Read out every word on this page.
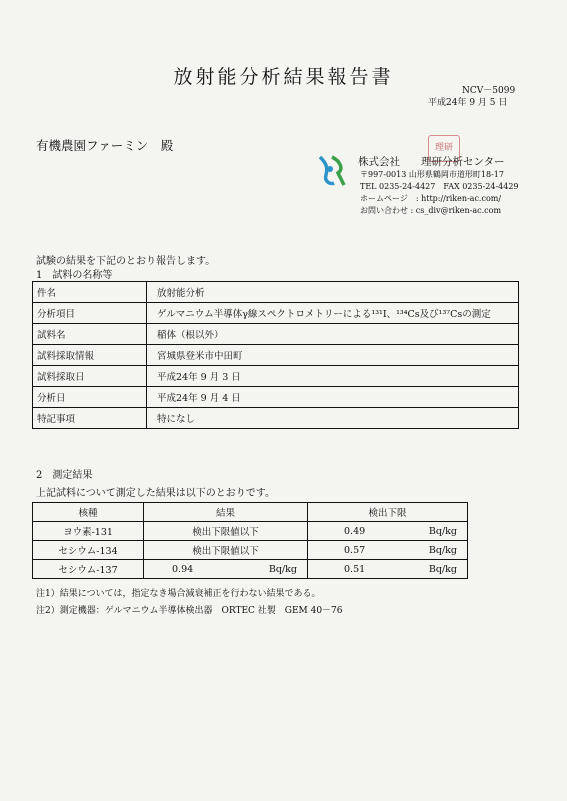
放射能分析結果報告書
NCV－5099
平成24年 9 月 5 日
有機農園ファーミン　殿	理研
株式会社　　理研分析センター
〒997-0013 山形県鶴岡市道形町18-17
TEL 0235-24-4427　FAX 0235-24-4429
ホームページ　: http://riken-ac.com/
お問い合わせ : cs_div@riken-ac.com
試験の結果を下記のとおり報告します。
1　試料の名称等
件名	放射能分析
分析項目	ゲルマニウム半導体γ線スペクトロメトリーによる¹³¹I、¹³⁴Cs及び¹³⁷Csの測定
試料名	稲体（根以外）
試料採取情報	宮城県登米市中田町
試料採取日	平成24年 9 月 3 日
分析日	平成24年 9 月 4 日
特記事項	特になし
2　測定結果
上記試料について測定した結果は以下のとおりです。
核種	結果	検出下限
ヨウ素-131	検出下限値以下	0.49 Bq/kg

セシウム-134	検出下限値以下	0.57 Bq/kg

セシウム-137	0.94 Bq/kg	0.51 Bq/kg
注1）結果については，指定なき場合減衰補正を行わない結果である。
注2）測定機器：ゲルマニウム半導体検出器　ORTEC 社製　GEM 40－76
